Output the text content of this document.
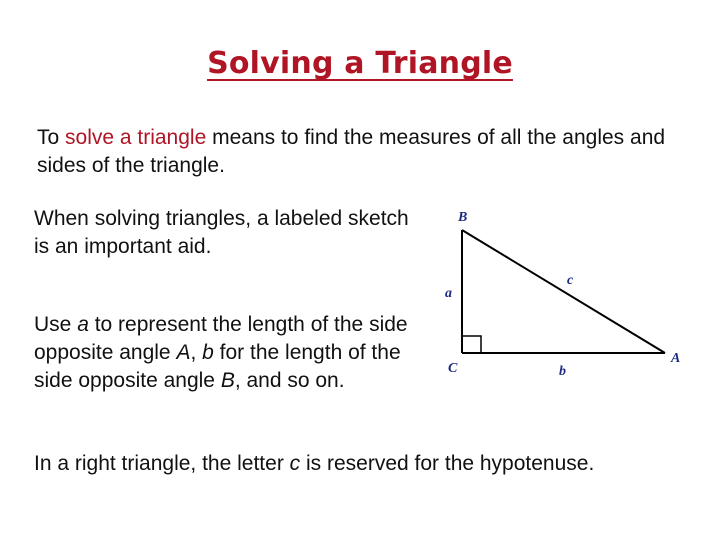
Solving a Triangle
To solve a triangle means to find the measures of all the angles and sides of the triangle.
When solving triangles, a labeled sketch is an important aid.
Use a to represent the length of the side opposite angle A, b for the length of the side opposite angle B, and so on.
In a right triangle, the letter c is reserved for the hypotenuse.
B
c
a
C	b
A
